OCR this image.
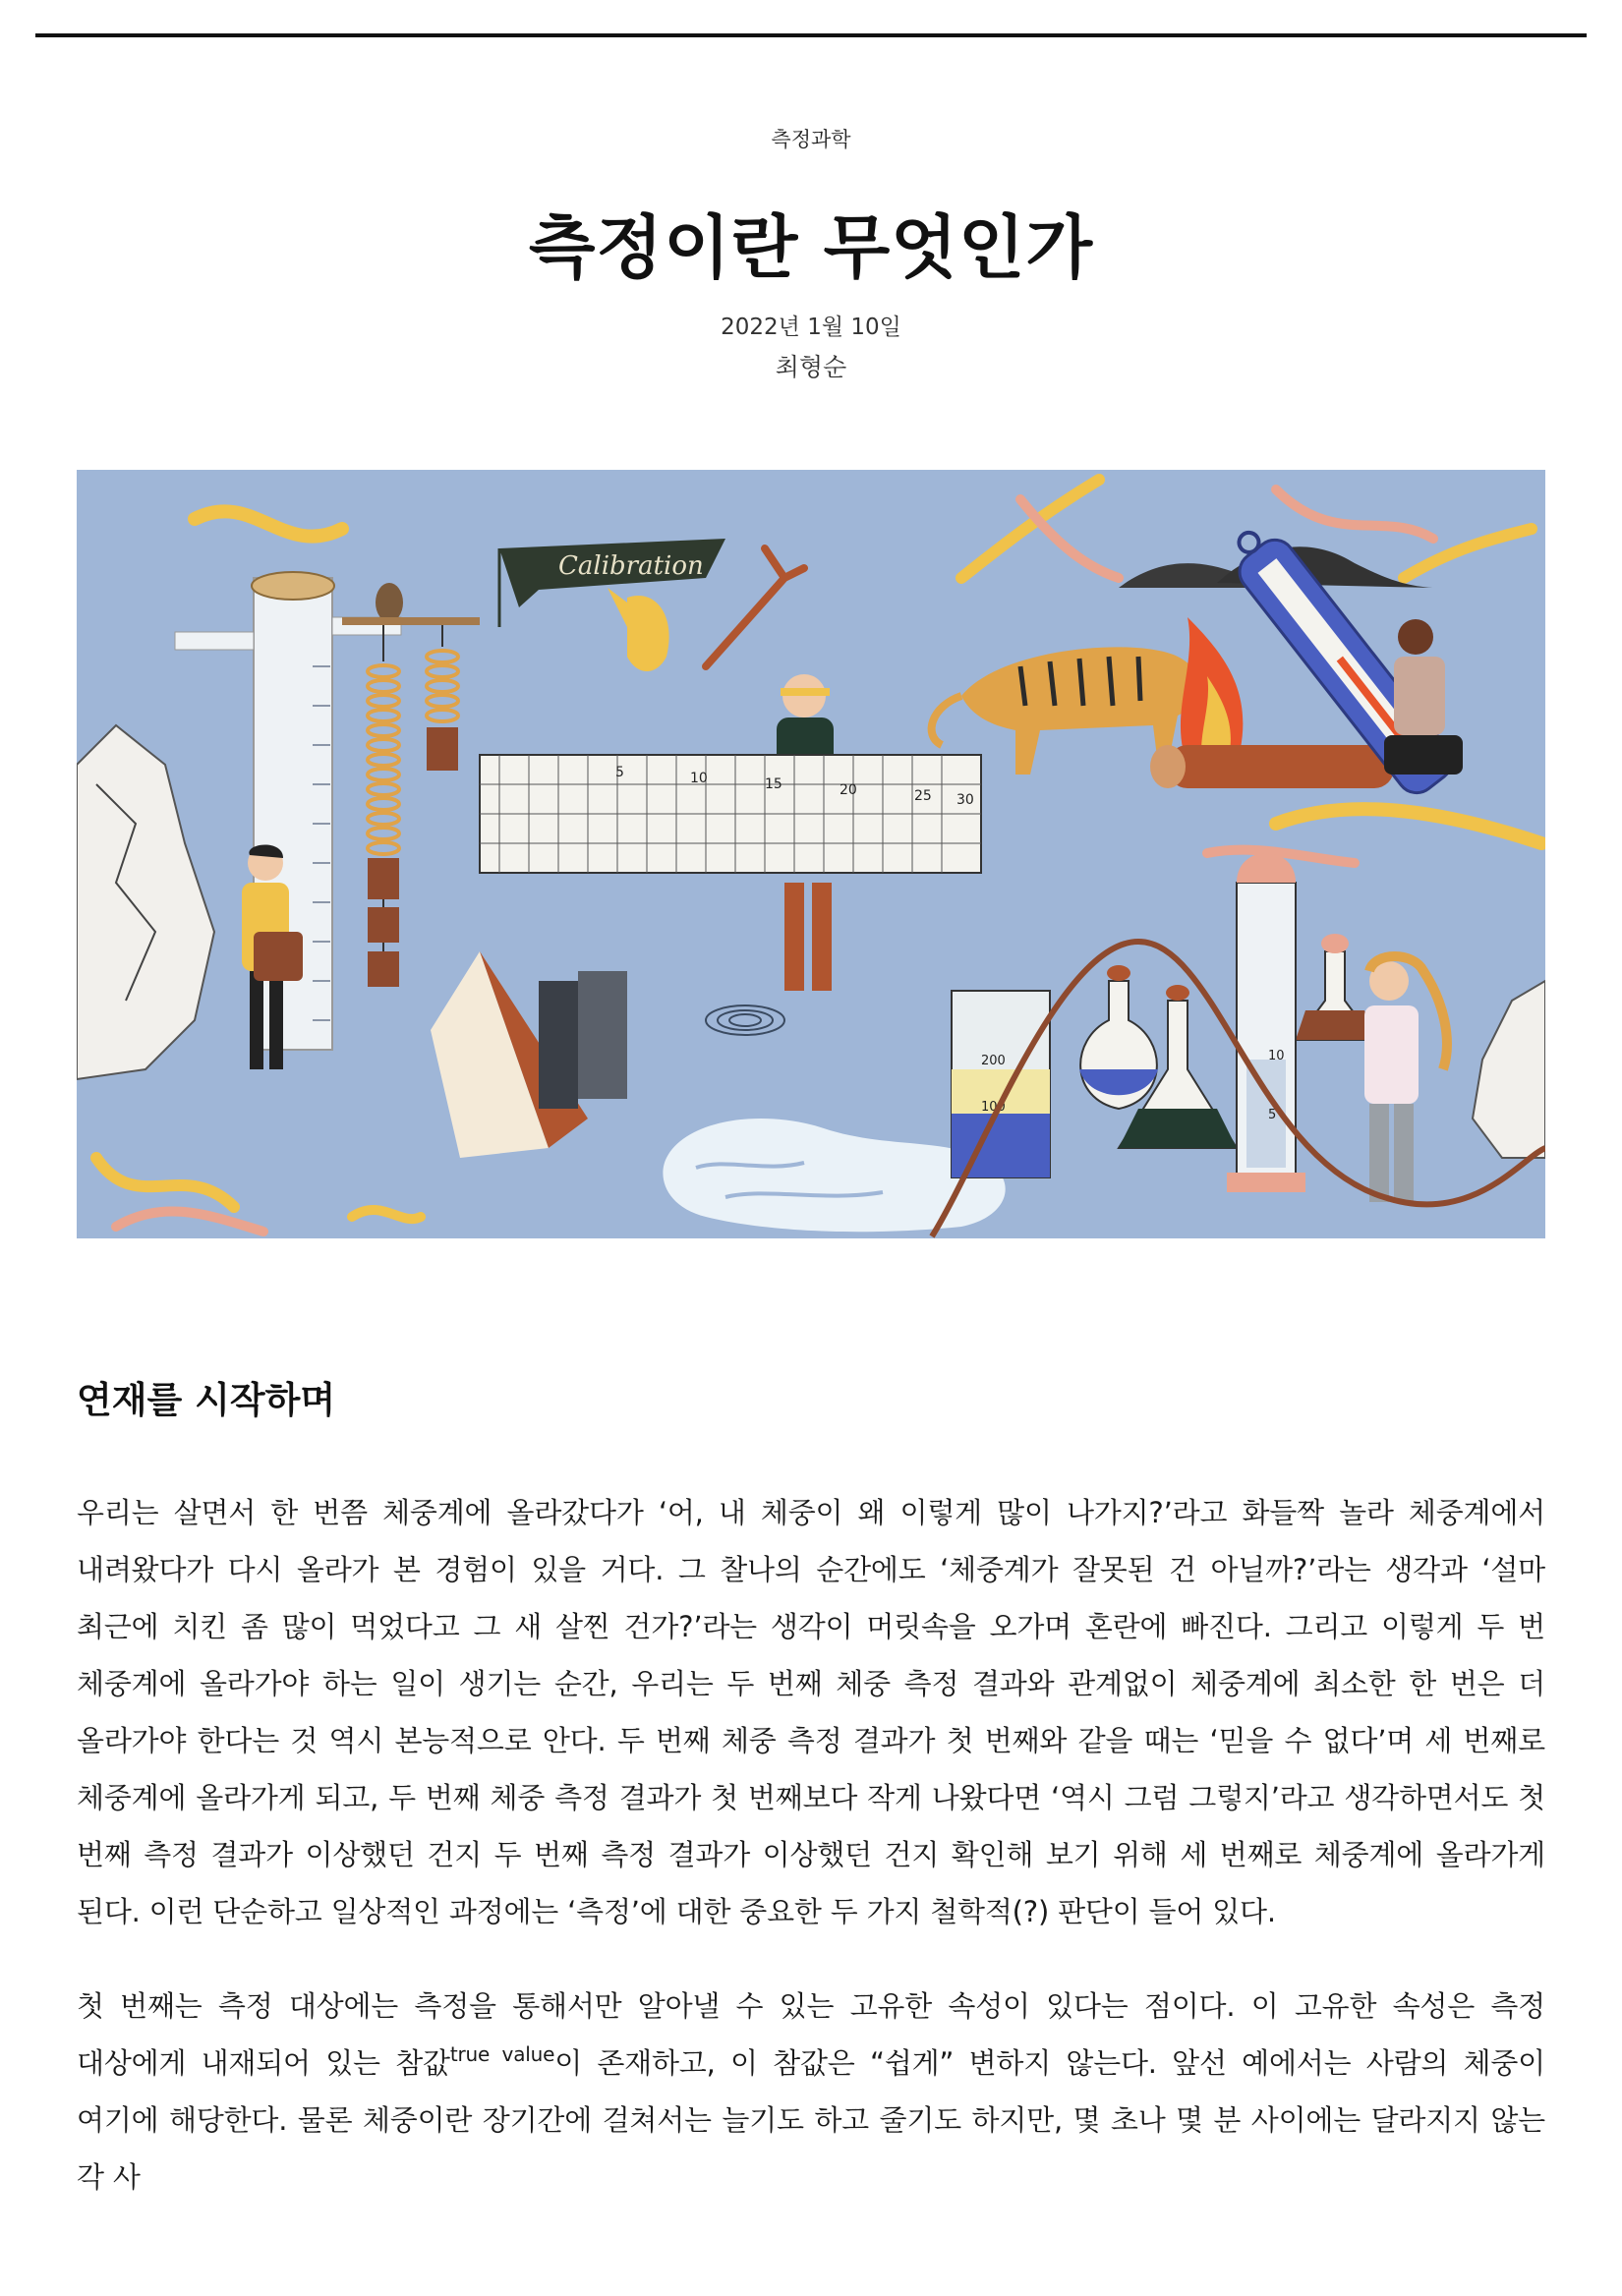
측정과학
측정이란 무엇인가
2022년 1월 10일
최형순
Calibration
5	10	15	20	25 30
200
100
10
5
연재를 시작하며

우리는 살면서 한 번쯤 체중계에 올라갔다가 ‘어, 내 체중이 왜 이렇게 많이 나가지?’라고 화들짝 놀라 체중계에서 내려왔다가 다시 올라가 본 경험이 있을 거다. 그 찰나의 순간에도 ‘체중계가 잘못된 건 아닐까?’라는 생각과 ‘설마 최근에 치킨 좀 많이 먹었다고 그 새 살찐 건가?’라는 생각이 머릿속을 오가며 혼란에 빠진다. 그리고 이렇게 두 번 체중계에 올라가야 하는 일이 생기는 순간, 우리는 두 번째 체중 측정 결과와 관계없이 체중계에 최소한 한 번은 더 올라가야 한다는 것 역시 본능적으로 안다. 두 번째 체중 측정 결과가 첫 번째와 같을 때는 ‘믿을 수 없다’며 세 번째로 체중계에 올라가게 되고, 두 번째 체중 측정 결과가 첫 번째보다 작게 나왔다면 ‘역시 그럼 그렇지’라고 생각하면서도 첫 번째 측정 결과가 이상했던 건지 두 번째 측정 결과가 이상했던 건지 확인해 보기 위해 세 번째로 체중계에 올라가게 된다. 이런 단순하고 일상적인 과정에는 ‘측정’에 대한 중요한 두 가지 철학적(?) 판단이 들어 있다.

첫 번째는 측정 대상에는 측정을 통해서만 알아낼 수 있는 고유한 속성이 있다는 점이다. 이 고유한 속성은 측정 대상에게 내재되어 있는 참값$^{true value}$이 존재하고, 이 참값은 “쉽게” 변하지 않는다. 앞선 예에서는 사람의 체중이 여기에 해당한다. 물론 체중이란 장기간에 걸쳐서는 늘기도 하고 줄기도 하지만, 몇 초나 몇 분 사이에는 달라지지 않는 각 사
